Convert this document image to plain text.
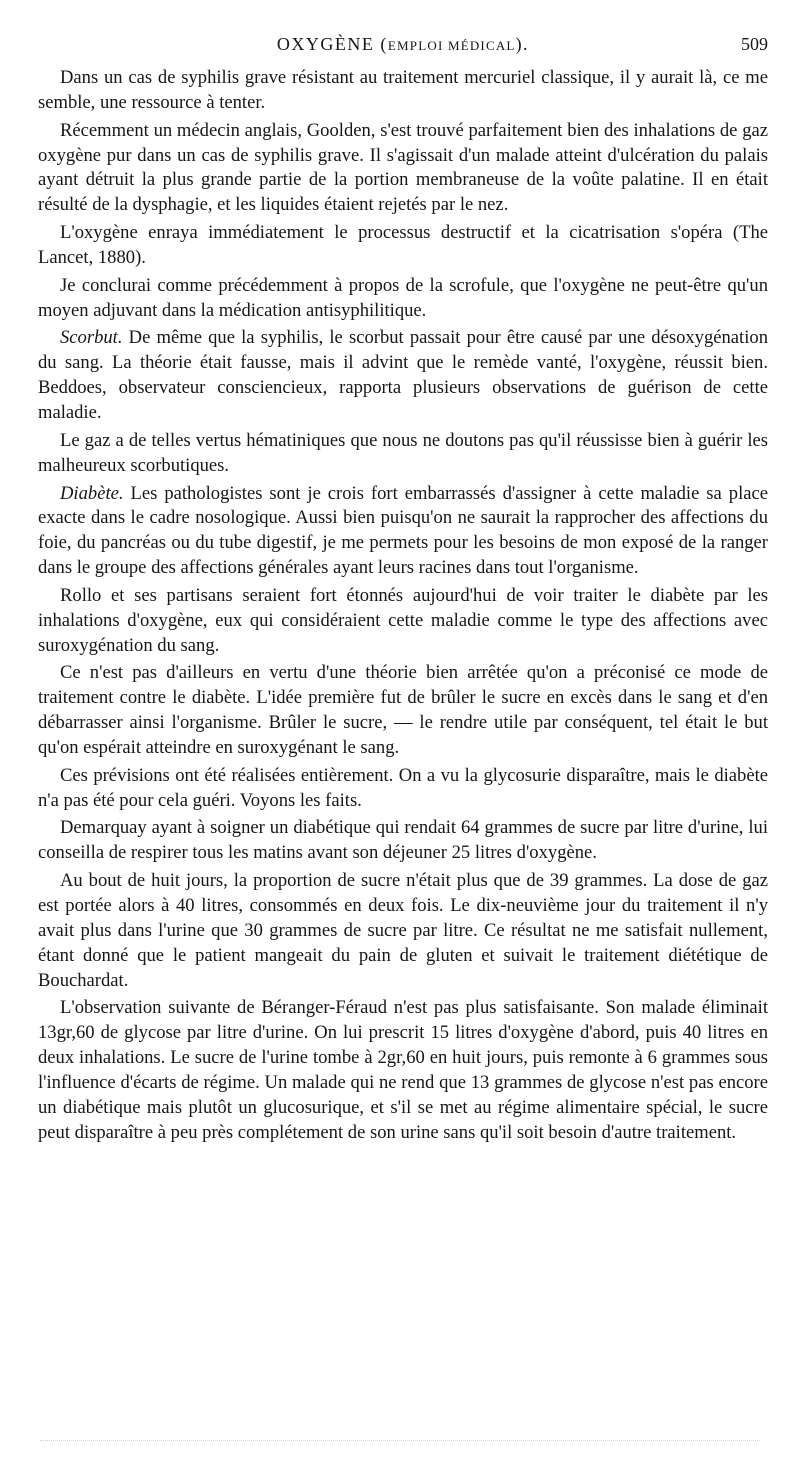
OXYGÈNE (EMPLOI MÉDICAL).	509

Dans un cas de syphilis grave résistant au traitement mercuriel classique, il y aurait là, ce me semble, une ressource à tenter.

Récemment un médecin anglais, Goolden, s'est trouvé parfaitement bien des inhalations de gaz oxygène pur dans un cas de syphilis grave. Il s'agissait d'un malade atteint d'ulcération du palais ayant détruit la plus grande partie de la portion membraneuse de la voûte palatine. Il en était résulté de la dysphagie, et les liquides étaient rejetés par le nez.

L'oxygène enraya immédiatement le processus destructif et la cicatrisation s'opéra (The Lancet, 1880).

Je conclurai comme précédemment à propos de la scrofule, que l'oxygène ne peut-être qu'un moyen adjuvant dans la médication antisyphilitique.

Scorbut. De même que la syphilis, le scorbut passait pour être causé par une désoxygénation du sang. La théorie était fausse, mais il advint que le remède vanté, l'oxygène, réussit bien. Beddoes, observateur consciencieux, rapporta plusieurs observations de guérison de cette maladie.

Le gaz a de telles vertus hématiniques que nous ne doutons pas qu'il réussisse bien à guérir les malheureux scorbutiques.

Diabète. Les pathologistes sont je crois fort embarrassés d'assigner à cette maladie sa place exacte dans le cadre nosologique. Aussi bien puisqu'on ne saurait la rapprocher des affections du foie, du pancréas ou du tube digestif, je me permets pour les besoins de mon exposé de la ranger dans le groupe des affections générales ayant leurs racines dans tout l'organisme.

Rollo et ses partisans seraient fort étonnés aujourd'hui de voir traiter le diabète par les inhalations d'oxygène, eux qui considéraient cette maladie comme le type des affections avec suroxygénation du sang.

Ce n'est pas d'ailleurs en vertu d'une théorie bien arrêtée qu'on a préconisé ce mode de traitement contre le diabète. L'idée première fut de brûler le sucre en excès dans le sang et d'en débarrasser ainsi l'organisme. Brûler le sucre, — le rendre utile par conséquent, tel était le but qu'on espérait atteindre en suroxygénant le sang.

Ces prévisions ont été réalisées entièrement. On a vu la glycosurie disparaître, mais le diabète n'a pas été pour cela guéri. Voyons les faits.

Demarquay ayant à soigner un diabétique qui rendait 64 grammes de sucre par litre d'urine, lui conseilla de respirer tous les matins avant son déjeuner 25 litres d'oxygène.

Au bout de huit jours, la proportion de sucre n'était plus que de 39 grammes. La dose de gaz est portée alors à 40 litres, consommés en deux fois. Le dix-neuvième jour du traitement il n'y avait plus dans l'urine que 30 grammes de sucre par litre. Ce résultat ne me satisfait nullement, étant donné que le patient mangeait du pain de gluten et suivait le traitement diététique de Bouchardat.

L'observation suivante de Béranger-Féraud n'est pas plus satisfaisante. Son malade éliminait 13gr,60 de glycose par litre d'urine. On lui prescrit 15 litres d'oxygène d'abord, puis 40 litres en deux inhalations. Le sucre de l'urine tombe à 2gr,60 en huit jours, puis remonte à 6 grammes sous l'influence d'écarts de régime. Un malade qui ne rend que 13 grammes de glycose n'est pas encore un diabétique mais plutôt un glucosurique, et s'il se met au régime alimentaire spécial, le sucre peut disparaître à peu près complétement de son urine sans qu'il soit besoin d'autre traitement.
